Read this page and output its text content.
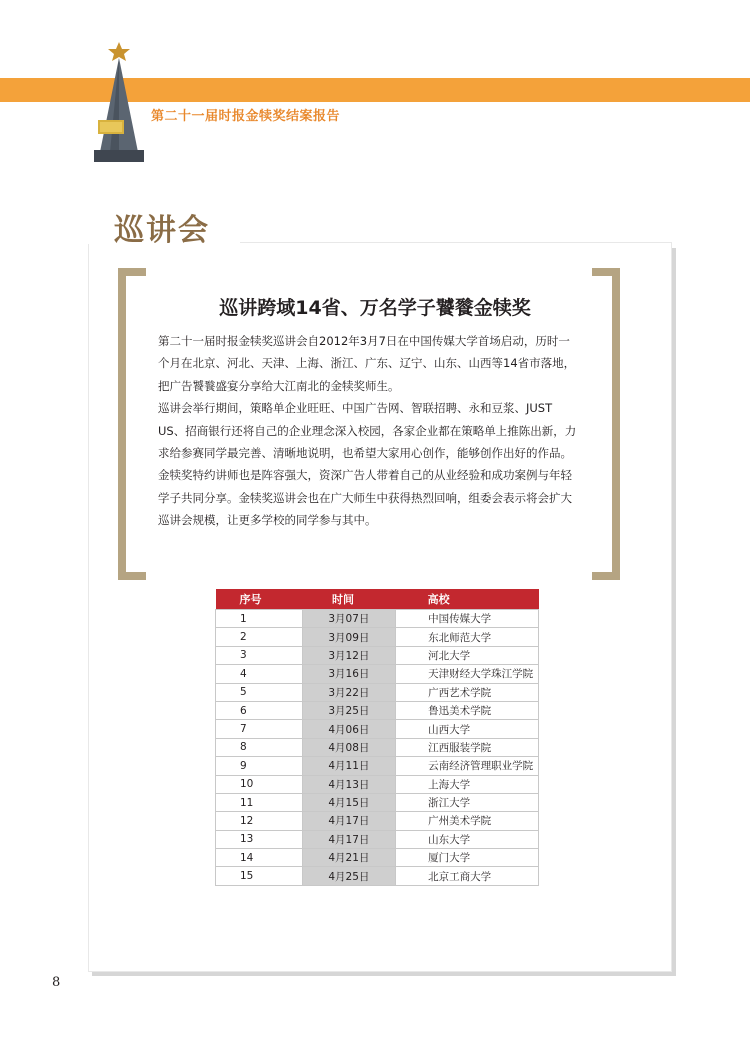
第二十一届时报金犊奖结案报告
巡讲会
巡讲跨域14省、万名学子饕餮金犊奖

第二十一届时报金犊奖巡讲会自2012年3月7日在中国传媒大学首场启动，历时一个月在北京、河北、天津、上海、浙江、广东、辽宁、山东、山西等14省市落地，把广告饕餮盛宴分享给大江南北的金犊奖师生。

巡讲会举行期间，策略单企业旺旺、中国广告网、智联招聘、永和豆浆、JUST US、招商银行还将自己的企业理念深入校园，各家企业都在策略单上推陈出新，力求给参赛同学最完善、清晰地说明，也希望大家用心创作，能够创作出好的作品。金犊奖特约讲师也是阵容强大，资深广告人带着自己的从业经验和成功案例与年轻学子共同分享。金犊奖巡讲会也在广大师生中获得热烈回响，组委会表示将会扩大巡讲会规模，让更多学校的同学参与其中。

序号	时间	高校
1	3月07日	中国传媒大学
2	3月09日	东北师范大学
3	3月12日	河北大学
4	3月16日	天津财经大学珠江学院
5	3月22日	广西艺术学院
6	3月25日	鲁迅美术学院
7	4月06日	山西大学
8	4月08日	江西服装学院
9	4月11日	云南经济管理职业学院
10	4月13日	上海大学
11	4月15日	浙江大学
12	4月17日	广州美术学院
13	4月17日	山东大学
14	4月21日	厦门大学
15	4月25日	北京工商大学
8
